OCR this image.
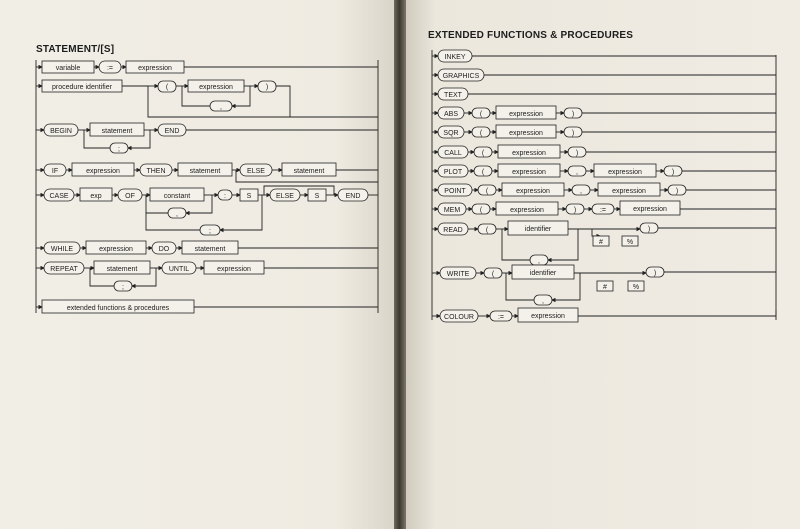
STATEMENT/[S]
EXTENDED FUNCTIONS & PROCEDURES
variable	:=	expression
procedure identifier	(	expression	)
,
BEGIN	statement	END
;
IF	expression	THEN	statement	ELSE	statement
CASE	exp	OF	constant	:	S	ELSE	S	END
,
;
WHILE	expression	DO	statement
REPEAT	statement	UNTIL	expression
;
extended functions & procedures
INKEY
GRAPHICS
TEXT
ABS	(	expression	)
SQR	(	expression	)
CALL	(	expression	)
PLOT	(	expression	,	expression	)
POINT	(	expression	,	expression	)
MEM	(	expression	)	:=	expression
READ	(	identifier	)
#	%
,
WRITE	(	identifier	)
#	%
,
COLOUR	:=	expression
